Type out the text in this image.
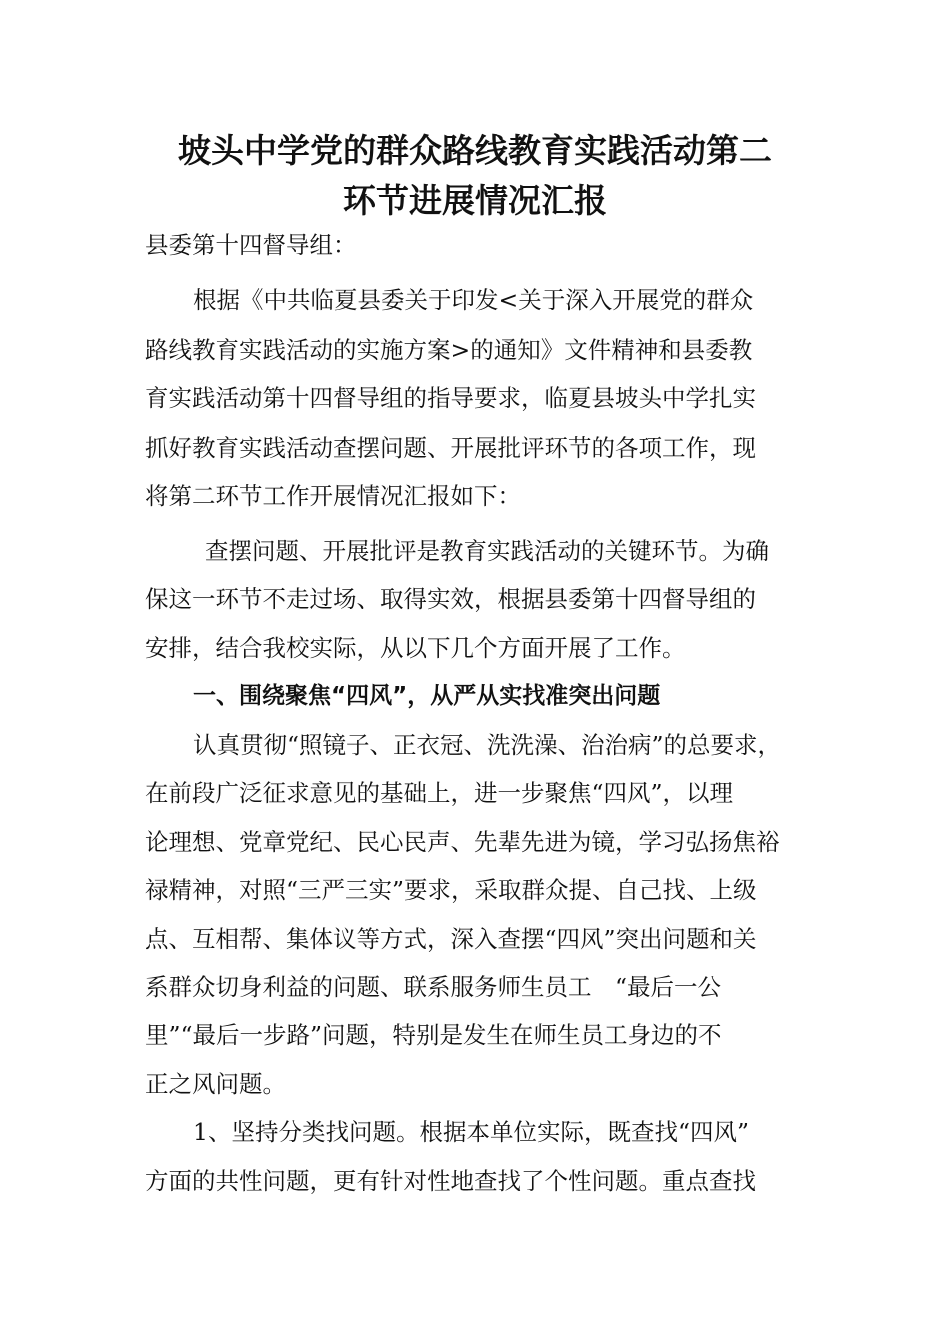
坡头中学党的群众路线教育实践活动第二
环节进展情况汇报

县委第十四督导组：

根据《中共临夏县委关于印发<关于深入开展党的群众

路线教育实践活动的实施方案>的通知》文件精神和县委教

育实践活动第十四督导组的指导要求，临夏县坡头中学扎实

抓好教育实践活动查摆问题、开展批评环节的各项工作，现

将第二环节工作开展情况汇报如下：

查摆问题、开展批评是教育实践活动的关键环节。为确

保这一环节不走过场、取得实效，根据县委第十四督导组的

安排，结合我校实际，从以下几个方面开展了工作。

一、围绕聚焦“四风”，从严从实找准突出问题

认真贯彻“照镜子、正衣冠、洗洗澡、治治病”的总要求，

在前段广泛征求意见的基础上，进一步聚焦“四风”，以理

论理想、党章党纪、民心民声、先辈先进为镜，学习弘扬焦裕

禄精神，对照“三严三实”要求，采取群众提、自己找、上级

点、互相帮、集体议等方式，深入查摆“四风”突出问题和关

系群众切身利益的问题、联系服务师生员工　“最后一公

里”“最后一步路”问题，特别是发生在师生员工身边的不

正之风问题。

1、坚持分类找问题。根据本单位实际，既查找“四风”

方面的共性问题，更有针对性地查找了个性问题。重点查找
